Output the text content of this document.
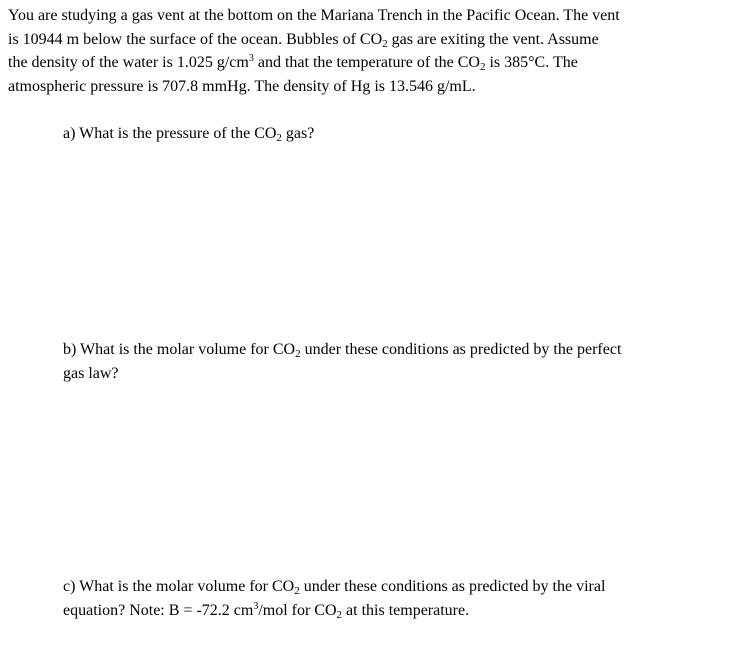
You are studying a gas vent at the bottom on the Mariana Trench in the Pacific Ocean. The vent
is 10944 m below the surface of the ocean. Bubbles of $CO_2$ gas are exiting the vent. Assume
the density of the water is 1.025 $g/cm^3$ and that the temperature of the $CO_2$ is 385°C. The
atmospheric pressure is 707.8 mmHg. The density of Hg is 13.546 g/mL.
a) What is the pressure of the $CO_2$ gas?
b) What is the molar volume for $CO_2$ under these conditions as predicted by the perfect
gas law?
c) What is the molar volume for $CO_2$ under these conditions as predicted by the viral
equation? Note: B = -72.2 $cm^3$/mol for $CO_2$ at this temperature.
